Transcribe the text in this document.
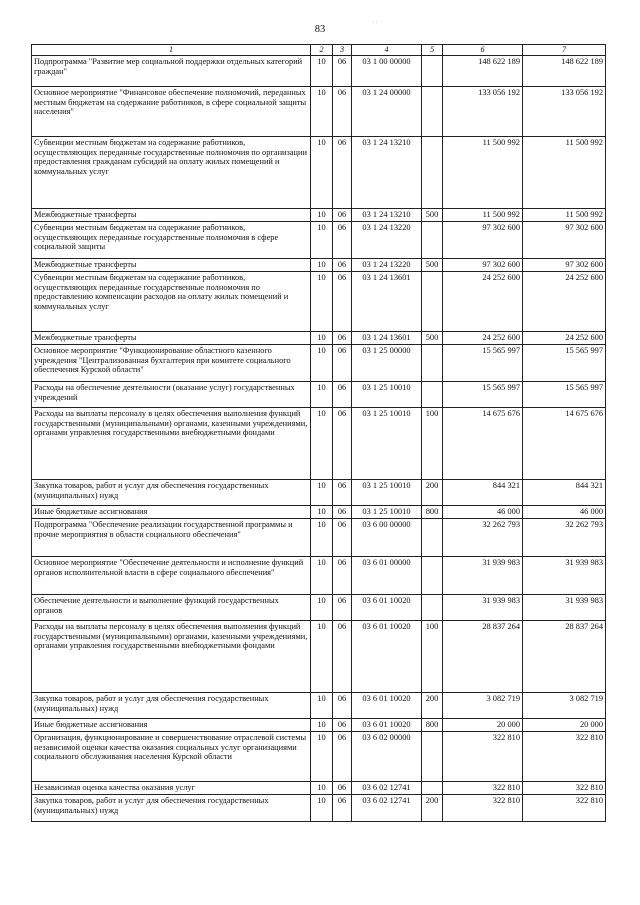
· ·
83
1	2	3	4	5	6	7
Подпрограмма "Развитие мер социальной поддержки отдельных категорий граждан"	10	06	03 1 00 00000		148 622 189	148 622 189
Основное мероприятие "Финансовое обеспечение полномочий, переданных местным бюджетам на содержание работников, в сфере социальной защиты населения"	10	06	03 1 24 00000		133 056 192	133 056 192
Субвенции местным бюджетам на содержание работников, осуществляющих переданные государственные полномочия по организации предоставления гражданам субсидий на оплату жилых помещений и коммунальных услуг	10	06	03 1 24 13210		11 500 992	11 500 992
Межбюджетные трансферты	10	06	03 1 24 13210	500	11 500 992	11 500 992
Субвенции местным бюджетам на содержание работников, осуществляющих переданные государственные полномочия в сфере социальной защиты	10	06	03 1 24 13220		97 302 600	97 302 600
Межбюджетные трансферты	10	06	03 1 24 13220	500	97 302 600	97 302 600
Субвенции местным бюджетам на содержание работников, осуществляющих переданные государственные полномочия по предоставлению компенсации расходов на оплату жилых помещений и коммунальных услуг	10	06	03 1 24 13601		24 252 600	24 252 600
Межбюджетные трансферты	10	06	03 1 24 13601	500	24 252 600	24 252 600
Основное мероприятие "Функционирование областного казенного учреждения "Централизованная бухгалтерия при комитете социального обеспечения Курской области"	10	06	03 1 25 00000		15 565 997	15 565 997
Расходы на обеспечение деятельности (оказание услуг) государственных учреждений	10	06	03 1 25 10010		15 565 997	15 565 997
Расходы на выплаты персоналу в целях обеспечения выполнения функций государственными (муниципальными) органами, казенными учреждениями, органами управления государственными внебюджетными фондами	10	06	03 1 25 10010	100	14 675 676	14 675 676
Закупка товаров, работ и услуг для обеспечения государственных (муниципальных) нужд	10	06	03 1 25 10010	200	844 321	844 321
Иные бюджетные ассигнования	10	06	03 1 25 10010	800	46 000	46 000
Подпрограмма "Обеспечение реализации государственной программы и прочие мероприятия в области социального обеспечения"	10	06	03 6 00 00000		32 262 793	32 262 793
Основное мероприятие "Обеспечение деятельности и исполнение функций органов исполнительной власти в сфере социального обеспечения"	10	06	03 6 01 00000		31 939 983	31 939 983
Обеспечение деятельности и выполнение функций государственных органов	10	06	03 6 01 10020		31 939 983	31 939 983
Расходы на выплаты персоналу в целях обеспечения выполнения функций государственными (муниципальными) органами, казенными учреждениями, органами управления государственными внебюджетными фондами	10	06	03 6 01 10020	100	28 837 264	28 837 264
Закупка товаров, работ и услуг для обеспечения государственных (муниципальных) нужд	10	06	03 6 01 10020	200	3 082 719	3 082 719
Иные бюджетные ассигнования	10	06	03 6 01 10020	800	20 000	20 000
Организация, функционирование и совершенствование отраслевой системы независимой оценки качества оказания социальных услуг организациями социального обслуживания населения Курской области	10	06	03 6 02 00000		322 810	322 810
Независимая оценка качества оказания услуг	10	06	03 6 02 12741		322 810	322 810
Закупка товаров, работ и услуг для обеспечения государственных (муниципальных) нужд	10	06	03 6 02 12741	200	322 810	322 810
